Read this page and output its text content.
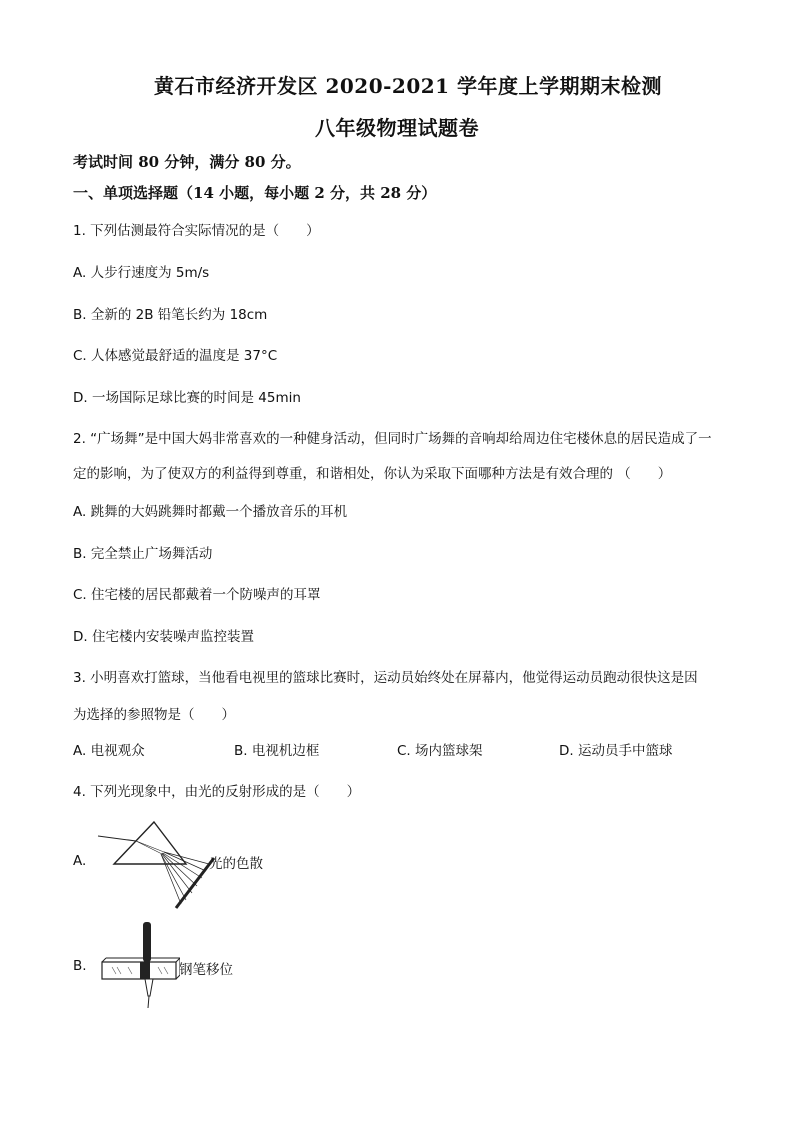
黄石市经济开发区 2020-2021 学年度上学期期末检测
八年级物理试题卷
考试时间 80 分钟，满分 80 分。
一、单项选择题（14 小题，每小题 2 分，共 28 分）
1. 下列估测最符合实际情况的是（　　）
A. 人步行速度为 5m/s
B. 全新的 2B 铅笔长约为 18cm
C. 人体感觉最舒适的温度是 37°C
D. 一场国际足球比赛的时间是 45min
2. “广场舞”是中国大妈非常喜欢的一种健身活动，但同时广场舞的音响却给周边住宅楼休息的居民造成了一
定的影响，为了使双方的利益得到尊重，和谐相处，你认为采取下面哪种方法是有效合理的 （　　）
A. 跳舞的大妈跳舞时都戴一个播放音乐的耳机
B. 完全禁止广场舞活动
C. 住宅楼的居民都戴着一个防噪声的耳罩
D. 住宅楼内安装噪声监控装置
3. 小明喜欢打篮球，当他看电视里的篮球比赛时，运动员始终处在屏幕内，他觉得运动员跑动很快这是因
为选择的参照物是（　　）
A. 电视观众	B. 电视机边框	C. 场内篮球架	D. 运动员手中篮球
4. 下列光现象中，由光的反射形成的是（　　）
A.	光的色散
B.	钢笔移位
